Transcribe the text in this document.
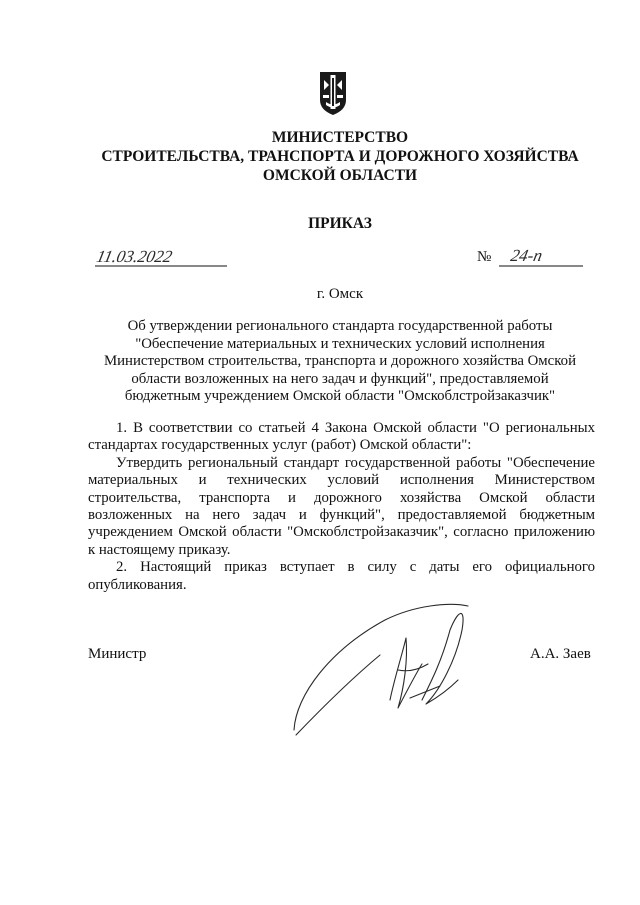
МИНИСТЕРСТВО
СТРОИТЕЛЬСТВА, ТРАНСПОРТА И ДОРОЖНОГО ХОЗЯЙСТВА
ОМСКОЙ ОБЛАСТИ
ПРИКАЗ
11.03.2022	№ 24-п
г. Омск
Об утверждении регионального стандарта государственной работы
"Обеспечение материальных и технических условий исполнения
Министерством строительства, транспорта и дорожного хозяйства Омской
области возложенных на него задач и функций", предоставляемой
бюджетным учреждением Омской области "Омскоблстройзаказчик"

1. В соответствии со статьей 4 Закона Омской области "О региональных стандартах государственных услуг (работ) Омской области":

Утвердить региональный стандарт государственной работы "Обеспечение материальных и технических условий исполнения Министерством строительства, транспорта и дорожного хозяйства Омской области возложенных на него задач и функций", предоставляемой бюджетным учреждением Омской области "Омскоблстройзаказчик", согласно приложению к настоящему приказу.

2. Настоящий приказ вступает в силу с даты его официального опубликования.

Министр	А.А. Заев
